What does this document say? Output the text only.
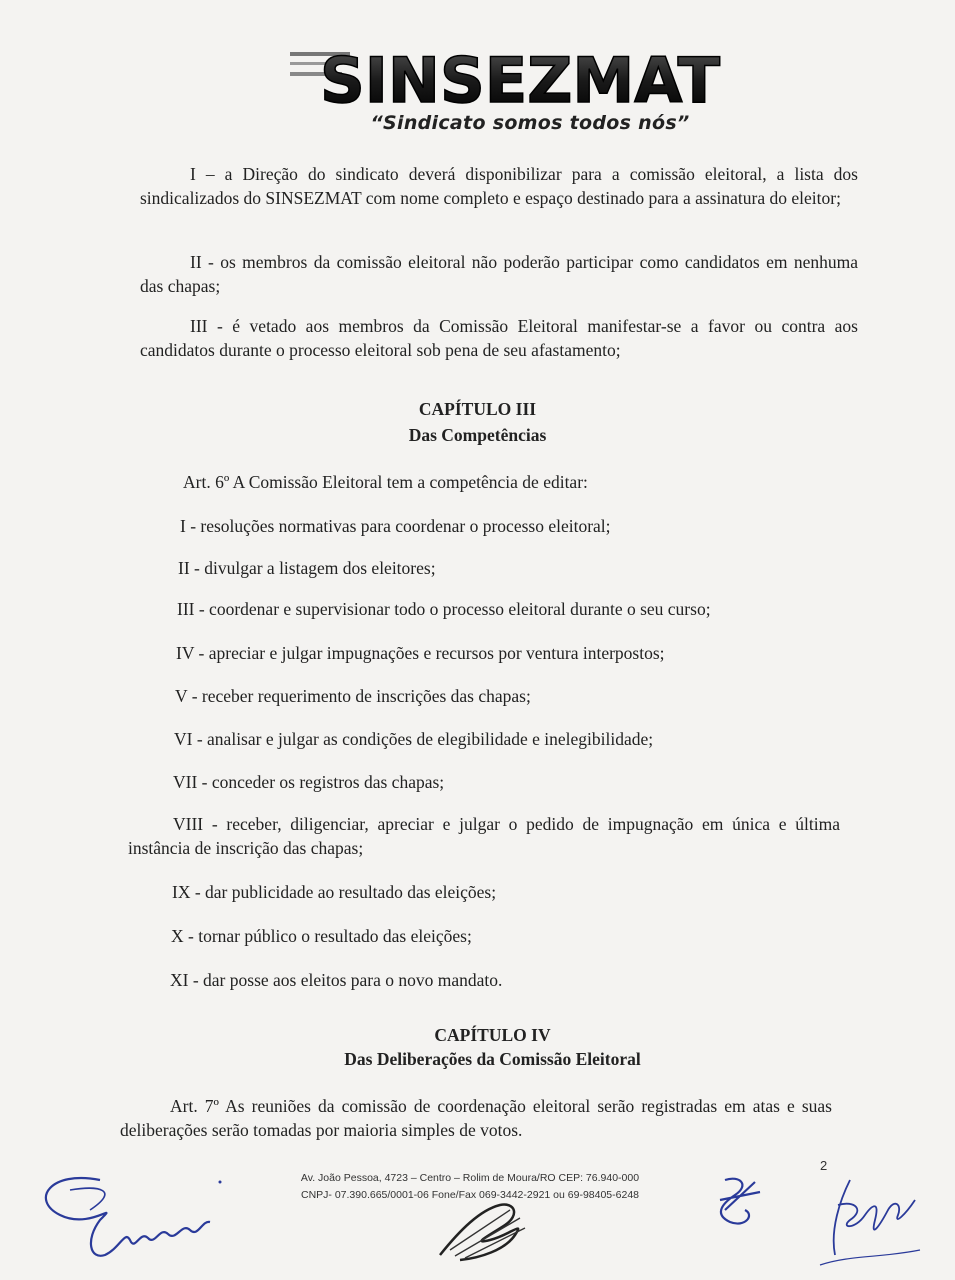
SINSEZMAT
“Sindicato somos todos nós”
I – a Direção do sindicato deverá disponibilizar para a comissão eleitoral, a lista dos sindicalizados do SINSEZMAT com nome completo e espaço destinado para a assinatura do eleitor;
II - os membros da comissão eleitoral não poderão participar como candidatos em nenhuma das chapas;
III - é vetado aos membros da Comissão Eleitoral manifestar-se a favor ou contra aos candidatos durante o processo eleitoral sob pena de seu afastamento;
CAPÍTULO III
Das Competências
Art. 6º A Comissão Eleitoral tem a competência de editar:
I - resoluções normativas para coordenar o processo eleitoral;
II - divulgar a listagem dos eleitores;
III - coordenar e supervisionar todo o processo eleitoral durante o seu curso;
IV - apreciar e julgar impugnações e recursos por ventura interpostos;
V - receber requerimento de inscrições das chapas;
VI - analisar e julgar as condições de elegibilidade e inelegibilidade;
VII - conceder os registros das chapas;
VIII - receber, diligenciar, apreciar e julgar o pedido de impugnação em única e última instância de inscrição das chapas;
IX - dar publicidade ao resultado das eleições;
X - tornar público o resultado das eleições;
XI - dar posse aos eleitos para o novo mandato.
CAPÍTULO IV
Das Deliberações da Comissão Eleitoral
Art. 7º As reuniões da comissão de coordenação eleitoral serão registradas em atas e suas deliberações serão tomadas por maioria simples de votos.
Av. João Pessoa, 4723 – Centro – Rolim de Moura/RO CEP: 76.940-000
CNPJ- 07.390.665/0001-06 Fone/Fax 069-3442-2921 ou 69-98405-6248
2
